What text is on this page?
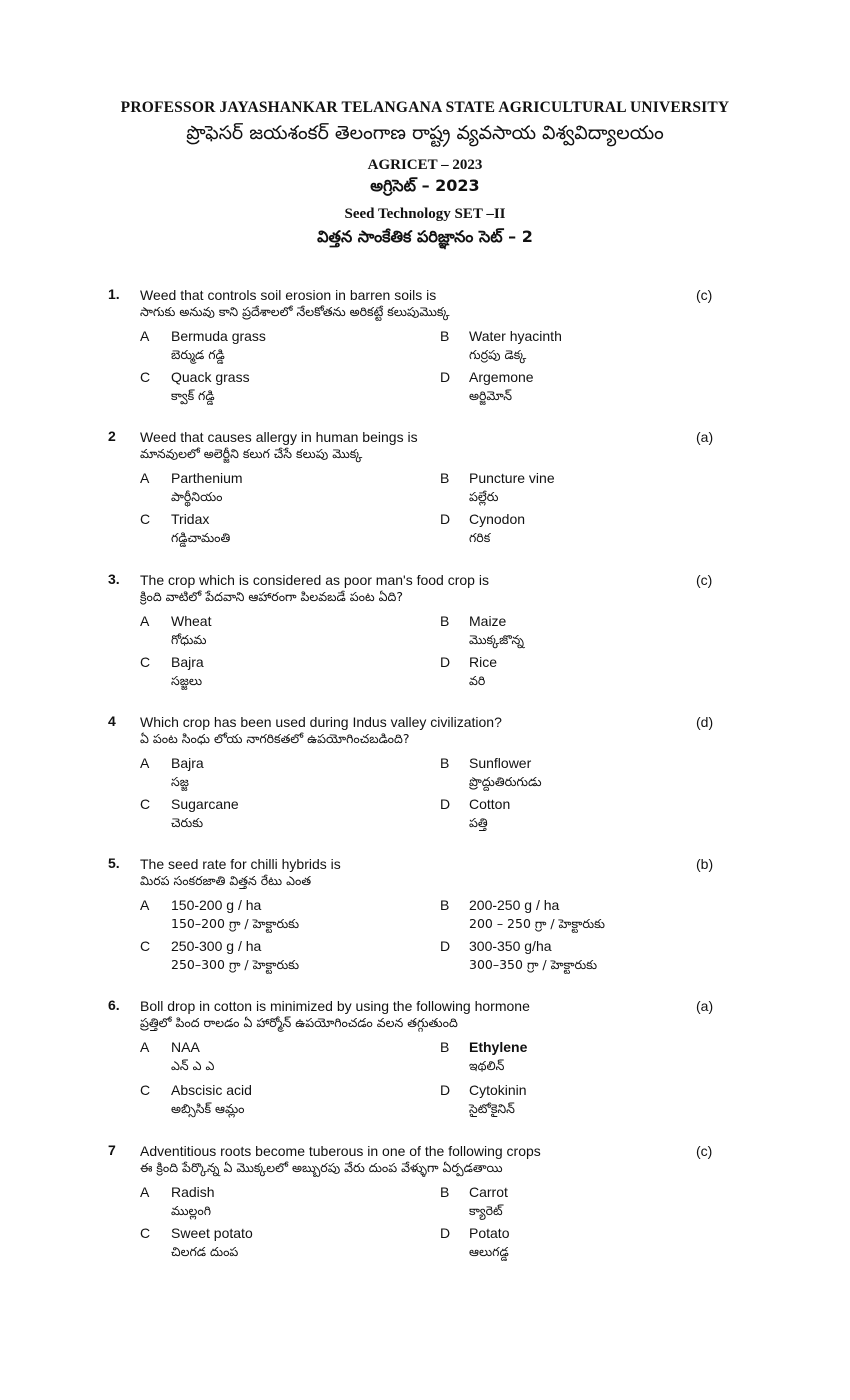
PROFESSOR JAYASHANKAR TELANGANA STATE AGRICULTURAL UNIVERSITY

ప్రొఫెసర్ జయశంకర్ తెలంగాణ రాష్ట్ర వ్యవసాయ విశ్వవిద్యాలయం

AGRICET – 2023

అగ్రిసెట్ – 2023

Seed Technology SET –II

విత్తన సాంకేతిక పరిజ్ఞానం సెట్ – 2

1. Weed that controls soil erosion in barren soils is
సాగుకు అనువు కాని ప్రదేశాలలో నేలకోతను అరికట్టే కలుపుమొక్క
(c)
A Bermuda grass
బెర్ముడ గడ్డి
B Water hyacinth
గుర్రపు డెక్క
C Quack grass
క్వాక్ గడ్డి
D Argemone
అర్జిమోన్
2 Weed that causes allergy in human beings is
మానవులలో అలెర్జీని కలుగ చేసే కలుపు మొక్క
(a)
A Parthenium
పార్థీనియం
B Puncture vine
పల్లేరు
C Tridax
గడ్డిచామంతి
D Cynodon
గరిక
3. The crop which is considered as poor man's food crop is
క్రింది వాటిలో పేదవాని ఆహారంగా పిలవబడే పంట ఏది?
(c)
A Wheat
గోధుమ
B Maize
మొక్కజొన్న
C Bajra
సజ్జలు
D Rice
వరి
4 Which crop has been used during Indus valley civilization?
ఏ పంట సింధు లోయ నాగరికతలో ఉపయోగించబడింది?
(d)
A Bajra
సజ్జ
B Sunflower
ప్రొద్దుతిరుగుడు
C Sugarcane
చెరుకు
D Cotton
పత్తి
5. The seed rate for chilli hybrids is
మిరప సంకరజాతి విత్తన రేటు ఎంత
(b)
A 150-200 g / ha
150–200 గ్రా / హెక్టారుకు
B 200-250 g / ha
200 – 250 గ్రా / హెక్టారుకు
C 250-300 g / ha
250–300 గ్రా / హెక్టారుకు
D 300-350 g/ha
300–350 గ్రా / హెక్టారుకు
6. Boll drop in cotton is minimized by using the following hormone
ప్రత్తిలో పింద రాలడం ఏ హార్మోన్ ఉపయోగించడం వలన తగ్గుతుంది
(a)
A NAA
ఎన్ ఎ ఎ
B Ethylene
ఇథలిన్
C Abscisic acid
అబ్సిసిక్ ఆమ్లం
D Cytokinin
సైటోకైనిన్
7 Adventitious roots become tuberous in one of the following crops
ఈ క్రింది పేర్కొన్న ఏ మొక్కలలో అబ్బురపు వేరు దుంప వేళ్ళుగా ఏర్పడతాయి
(c)
A Radish
ముల్లంగి
B Carrot
క్యారెట్
C Sweet potato
చిలగడ దుంప
D Potato
ఆలుగడ్డ
